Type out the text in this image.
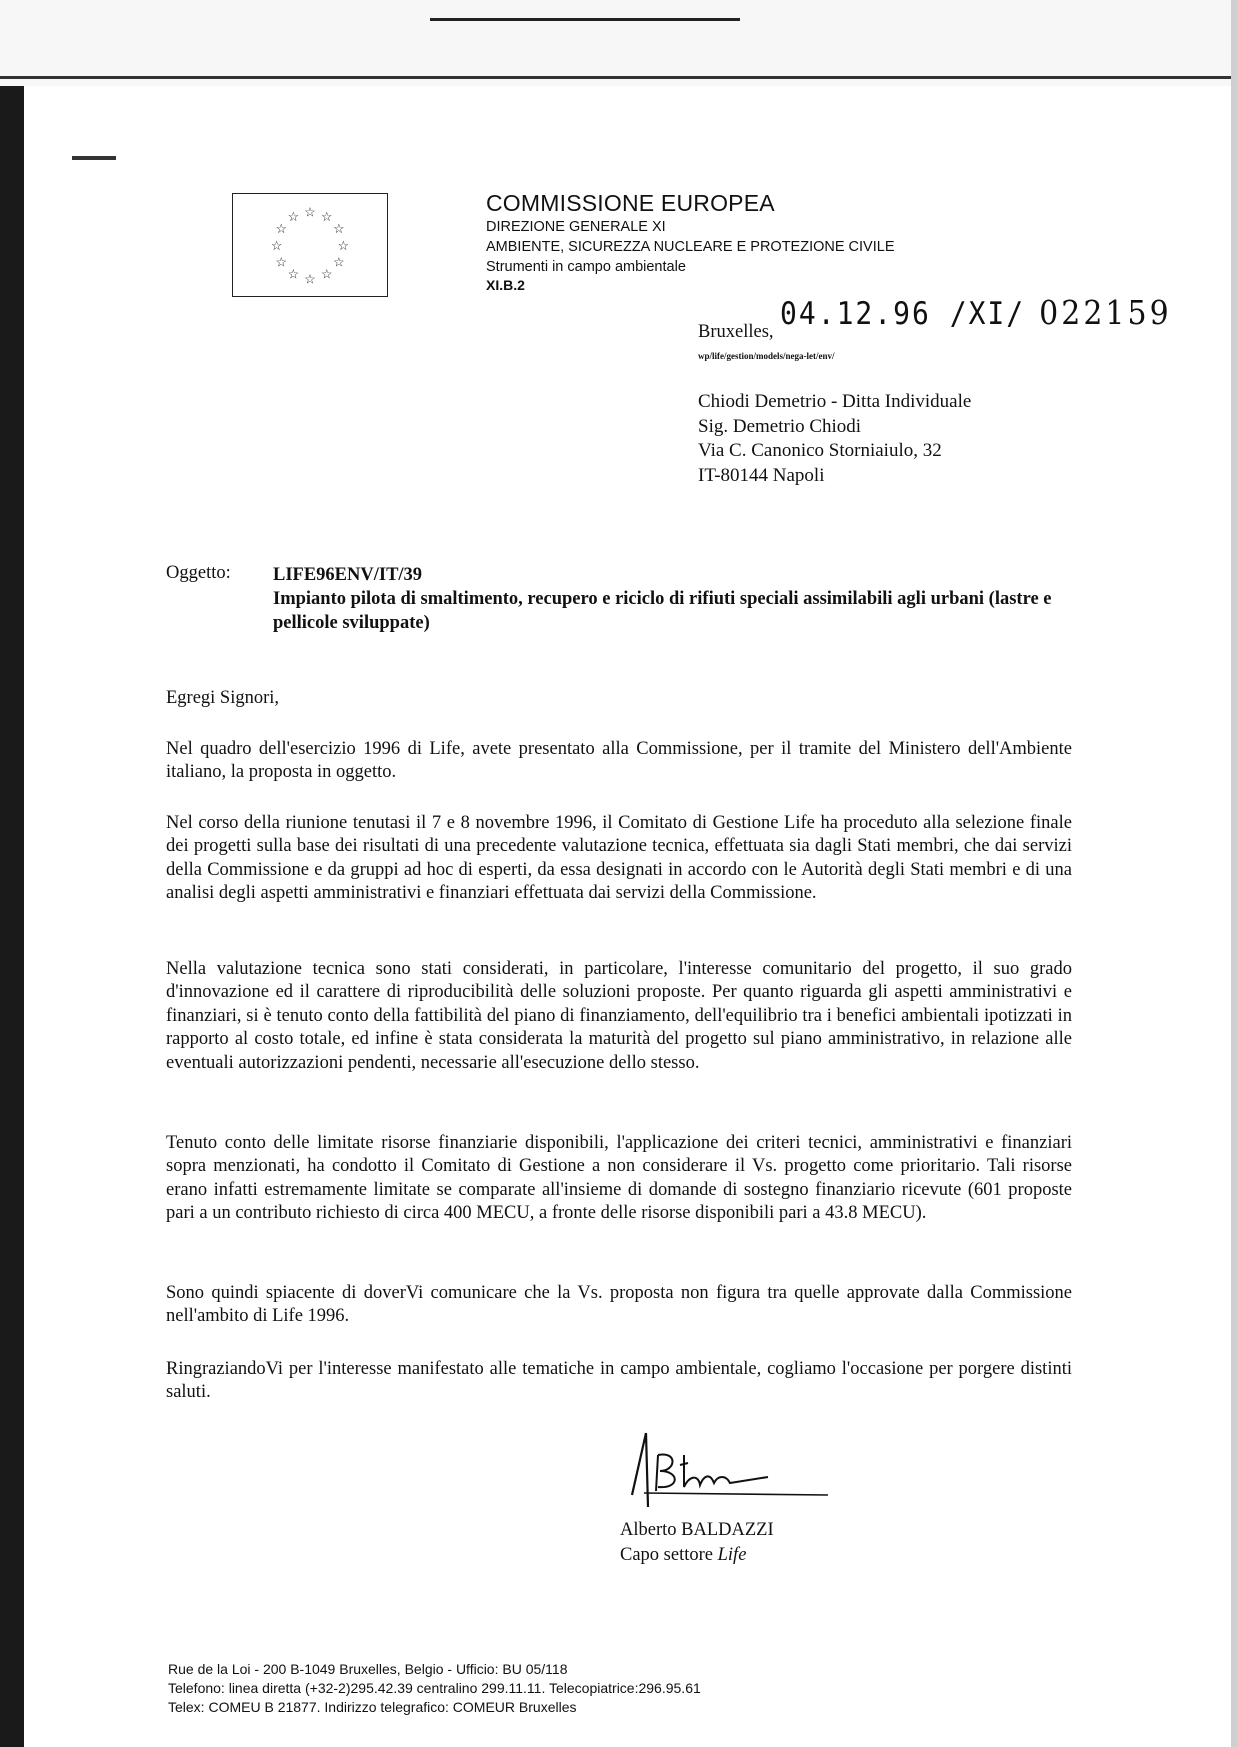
☆ ☆
☆
☆
☆
☆
☆
☆
☆
☆
☆
☆
COMMISSIONE EUROPEA
DIREZIONE GENERALE XI
AMBIENTE, SICUREZZA NUCLEARE E PROTEZIONE CIVILE
Strumenti in campo ambientale
XI.B.2
04.12.96 /XI/ 022159
Bruxelles,
wp/life/gestion/models/nega-let/env/
Chiodi Demetrio - Ditta Individuale
Sig. Demetrio Chiodi
Via C. Canonico Storniaiulo, 32
IT-80144 Napoli
Oggetto: LIFE96ENV/IT/39
Impianto pilota di smaltimento, recupero e riciclo di rifiuti speciali assimilabili agli urbani (lastre e pellicole sviluppate)
Egregi Signori,
Nel quadro dell'esercizio 1996 di Life, avete presentato alla Commissione, per il tramite del Ministero dell'Ambiente italiano, la proposta in oggetto.
Nel corso della riunione tenutasi il 7 e 8 novembre 1996, il Comitato di Gestione Life ha proceduto alla selezione finale dei progetti sulla base dei risultati di una precedente valutazione tecnica, effettuata sia dagli Stati membri, che dai servizi della Commissione e da gruppi ad hoc di esperti, da essa designati in accordo con le Autorità degli Stati membri e di una analisi degli aspetti amministrativi e finanziari effettuata dai servizi della Commissione.
Nella valutazione tecnica sono stati considerati, in particolare, l'interesse comunitario del progetto, il suo grado d'innovazione ed il carattere di riproducibilità delle soluzioni proposte. Per quanto riguarda gli aspetti amministrativi e finanziari, si è tenuto conto della fattibilità del piano di finanziamento, dell'equilibrio tra i benefici ambientali ipotizzati in rapporto al costo totale, ed infine è stata considerata la maturità del progetto sul piano amministrativo, in relazione alle eventuali autorizzazioni pendenti, necessarie all'esecuzione dello stesso.
Tenuto conto delle limitate risorse finanziarie disponibili, l'applicazione dei criteri tecnici, amministrativi e finanziari sopra menzionati, ha condotto il Comitato di Gestione a non considerare il Vs. progetto come prioritario. Tali risorse erano infatti estremamente limitate se comparate all'insieme di domande di sostegno finanziario ricevute (601 proposte pari a un contributo richiesto di circa 400 MECU, a fronte delle risorse disponibili pari a 43.8 MECU).
Sono quindi spiacente di doverVi comunicare che la Vs. proposta non figura tra quelle approvate dalla Commissione nell'ambito di Life 1996.
RingraziandoVi per l'interesse manifestato alle tematiche in campo ambientale, cogliamo l'occasione per porgere distinti saluti.
Alberto BALDAZZI
Capo settore Life
Rue de la Loi - 200 B-1049 Bruxelles, Belgio - Ufficio: BU 05/118
Telefono: linea diretta (+32-2)295.42.39 centralino 299.11.11. Telecopiatrice:296.95.61
Telex: COMEU B 21877. Indirizzo telegrafico: COMEUR Bruxelles
